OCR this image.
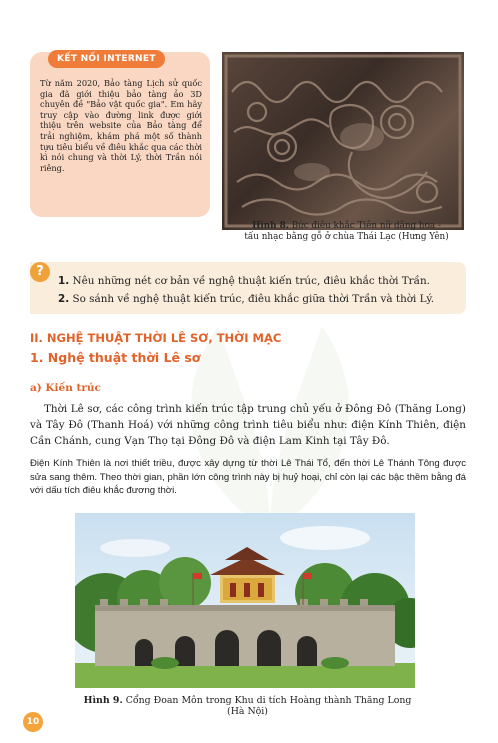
KẾT NỐI INTERNET
Từ năm 2020, Bảo tàng Lịch sử quốc gia đã giới thiệu bảo tàng ảo 3D chuyên đề "Bảo vật quốc gia". Em hãy truy cập vào đường link được giới thiệu trên website của Bảo tàng để trải nghiệm, khám phá một số thành tựu tiêu biểu về điêu khắc qua các thời kì nói chung và thời Lý, thời Trần nói riêng.
Hình 8. Bức điêu khắc Tiên nữ dâng hoa - tấu nhạc bằng gỗ ở chùa Thái Lạc (Hưng Yên)
?
1. Nêu những nét cơ bản về nghệ thuật kiến trúc, điêu khắc thời Trần.
2. So sánh về nghệ thuật kiến trúc, điêu khắc giữa thời Trần và thời Lý.
II. NGHỆ THUẬT THỜI LÊ SƠ, THỜI MẠC
1. Nghệ thuật thời Lê sơ
a) Kiến trúc
Thời Lê sơ, các công trình kiến trúc tập trung chủ yếu ở Đông Đô (Thăng Long) và Tây Đô (Thanh Hoá) với những công trình tiêu biểu như: điện Kính Thiên, điện Cần Chánh, cung Vạn Thọ tại Đông Đô và điện Lam Kinh tại Tây Đô.
Điện Kính Thiên là nơi thiết triều, được xây dựng từ thời Lê Thái Tổ, đến thời Lê Thánh Tông được sửa sang thêm. Theo thời gian, phần lớn công trình này bị huỷ hoại, chỉ còn lại các bậc thềm bằng đá với dấu tích điêu khắc đương thời.
Hình 9. Cổng Đoan Môn trong Khu di tích Hoàng thành Thăng Long (Hà Nội)
10
